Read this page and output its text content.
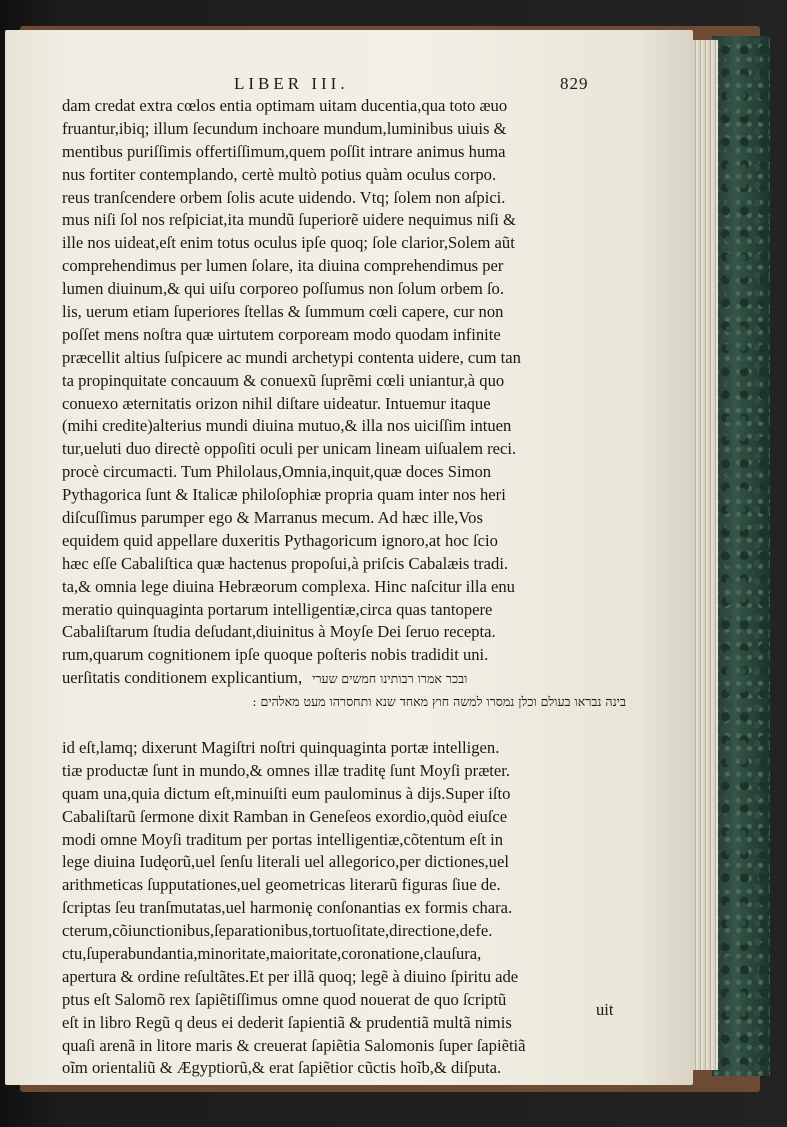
LIBER III.	829
dam credat extra cœlos entia optimam uitam ducentia,qua toto æuo
fruantur,ibiq; illum ſecundum inchoare mundum,luminibus uiuis &
mentibus puriſſimis offertiſſimum,quem poſſit intrare animus huma
nus fortiter contemplando, certè multò potius quàm oculus corpo.
reus tranſcendere orbem ſolis acute uidendo. Vtq; ſolem non aſpici.
mus niſi ſol nos reſpiciat,ita mundũ ſuperiorẽ uidere nequimus niſi &
ille nos uideat,eſt enim totus oculus ipſe quoq; ſole clarior,Solem aũt
comprehendimus per lumen ſolare, ita diuina comprehendimus per
lumen diuinum,& qui uiſu corporeo poſſumus non ſolum orbem ſo.
lis, uerum etiam ſuperiores ſtellas & ſummum cœli capere, cur non
poſſet mens noſtra quæ uirtutem corpoream modo quodam infinite
præcellit altius ſuſpicere ac mundi archetypi contenta uidere, cum tan
ta propinquitate concauum & conuexũ ſuprẽmi cœli uniantur,à quo
conuexo æternitatis orizon nihil diſtare uideatur. Intuemur itaque
(mihi credite)alterius mundi diuina mutuo,& illa nos uiciſſim intuen
tur,ueluti duo directè oppoſiti oculi per unicam lineam uiſualem reci.
procè circumacti. Tum Philolaus,Omnia,inquit,quæ doces Simon
Pythagorica ſunt & Italicæ philoſophiæ propria quam inter nos heri
diſcuſſimus parumper ego & Marranus mecum. Ad hæc ille,Vos
equidem quid appellare duxeritis Pythagoricum ignoro,at hoc ſcio
hæc eſſe Cabaliſtica quæ hactenus propoſui,à priſcis Cabalæis tradi.
ta,& omnia lege diuina Hebræorum complexa. Hinc naſcitur illa enu
meratio quinquaginta portarum intelligentiæ,circa quas tantopere
Cabaliſtarum ſtudia deſudant,diuinitus à Moyſe Dei ſeruo recepta.
rum,quarum cognitionem ipſe quoque poſteris nobis tradidit uni.
uerſitatis conditionem explicantium, ובכר אמרו רבותינו חמשים שערי

בינה נבראו בעולם וכלן נמסרו למשה חוץ מאחד שנא ותחסרהו מעט מאלהים :
id eſt,lamq; dixerunt Magiſtri noſtri quinquaginta portæ intelligen.
tiæ productæ ſunt in mundo,& omnes illæ traditę ſunt Moyſi præter.
quam una,quia dictum eſt,minuiſti eum paulominus à dĳs.Super iſto
Cabaliſtarũ ſermone dixit Ramban in Geneſeos exordio,quòd eiuſce
modi omne Moyſi traditum per portas intelligentiæ,cõtentum eſt in
lege diuina Iudęorũ,uel ſenſu literali uel allegorico,per dictiones,uel
arithmeticas ſupputationes,uel geometricas literarũ figuras ſiue de.
ſcriptas ſeu tranſmutatas,uel harmonię conſonantias ex formis chara.
cterum,cõiunctionibus,ſeparationibus,tortuoſitate,directione,defe.
ctu,ſuperabundantia,minoritate,maioritate,coronatione,clauſura,
apertura & ordine reſultãtes.Et per illã quoq; legẽ à diuino ſpiritu ade
ptus eſt Salomõ rex ſapiẽtiſſimus omne quod nouerat de quo ſcriptũ
eſt in libro Regũ q deus ei dederit ſapientiã & prudentiã multã nimis
quaſi arenã in litore maris & creuerat ſapiẽtia Salomonis ſuper ſapiẽtiã
oĩm orientaliũ & Ægyptiorũ,& erat ſapiẽtior cũctis hoĩb,& diſputa.
uit
